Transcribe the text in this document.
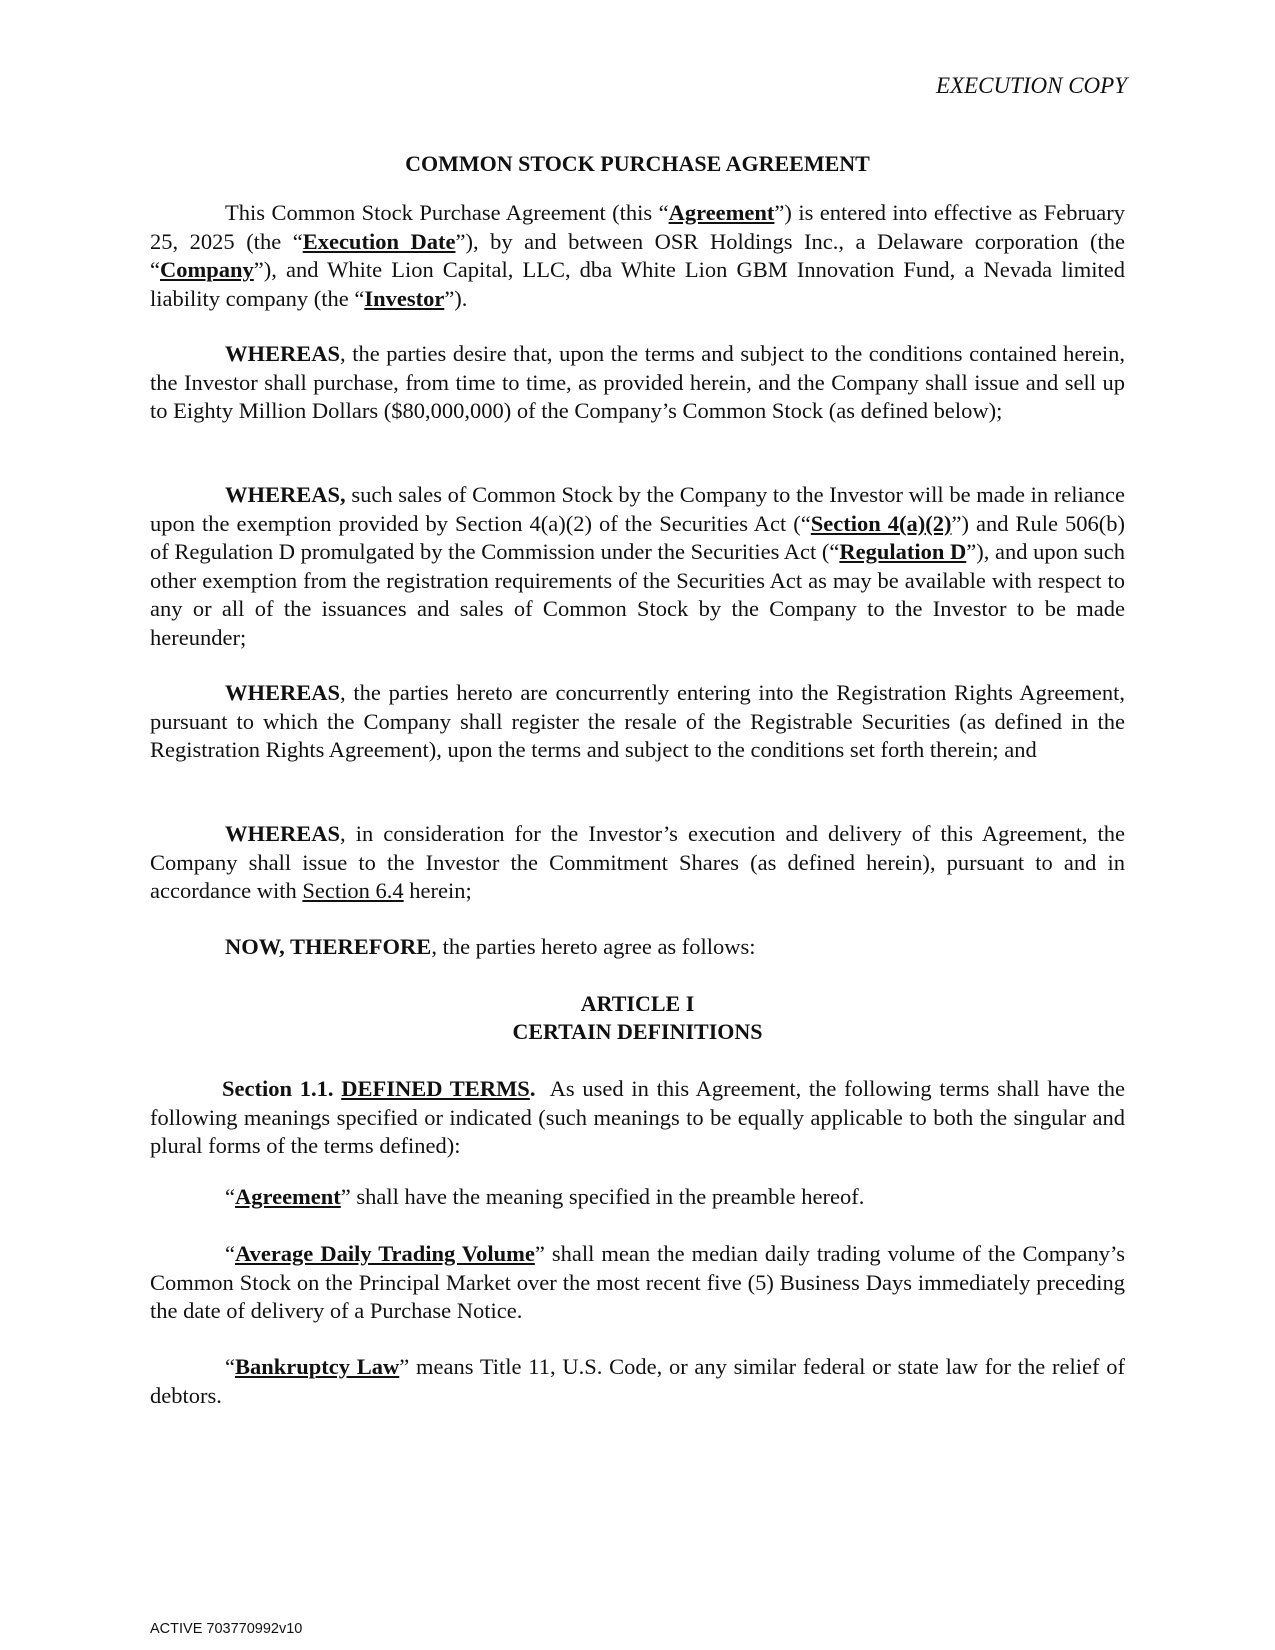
EXECUTION COPY
COMMON STOCK PURCHASE AGREEMENT
This Common Stock Purchase Agreement (this “Agreement”) is entered into effective as February 25, 2025 (the “Execution Date”), by and between OSR Holdings Inc., a Delaware corporation (the “Company”), and White Lion Capital, LLC, dba White Lion GBM Innovation Fund, a Nevada limited liability company (the “Investor”).
WHEREAS, the parties desire that, upon the terms and subject to the conditions contained herein, the Investor shall purchase, from time to time, as provided herein, and the Company shall issue and sell up to Eighty Million Dollars ($80,000,000) of the Company’s Common Stock (as defined below);
WHEREAS, such sales of Common Stock by the Company to the Investor will be made in reliance upon the exemption provided by Section 4(a)(2) of the Securities Act (“Section 4(a)(2)”) and Rule 506(b) of Regulation D promulgated by the Commission under the Securities Act (“Regulation D”), and upon such other exemption from the registration requirements of the Securities Act as may be available with respect to any or all of the issuances and sales of Common Stock by the Company to the Investor to be made hereunder;
WHEREAS, the parties hereto are concurrently entering into the Registration Rights Agreement, pursuant to which the Company shall register the resale of the Registrable Securities (as defined in the Registration Rights Agreement), upon the terms and subject to the conditions set forth therein; and
WHEREAS, in consideration for the Investor’s execution and delivery of this Agreement, the Company shall issue to the Investor the Commitment Shares (as defined herein), pursuant to and in accordance with Section 6.4 herein;
NOW, THEREFORE, the parties hereto agree as follows:
ARTICLE I
CERTAIN DEFINITIONS
Section 1.1. DEFINED TERMS.  As used in this Agreement, the following terms shall have the following meanings specified or indicated (such meanings to be equally applicable to both the singular and plural forms of the terms defined):
“Agreement” shall have the meaning specified in the preamble hereof.
“Average Daily Trading Volume” shall mean the median daily trading volume of the Company’s Common Stock on the Principal Market over the most recent five (5) Business Days immediately preceding the date of delivery of a Purchase Notice.
“Bankruptcy Law” means Title 11, U.S. Code, or any similar federal or state law for the relief of debtors.
ACTIVE 703770992v10
